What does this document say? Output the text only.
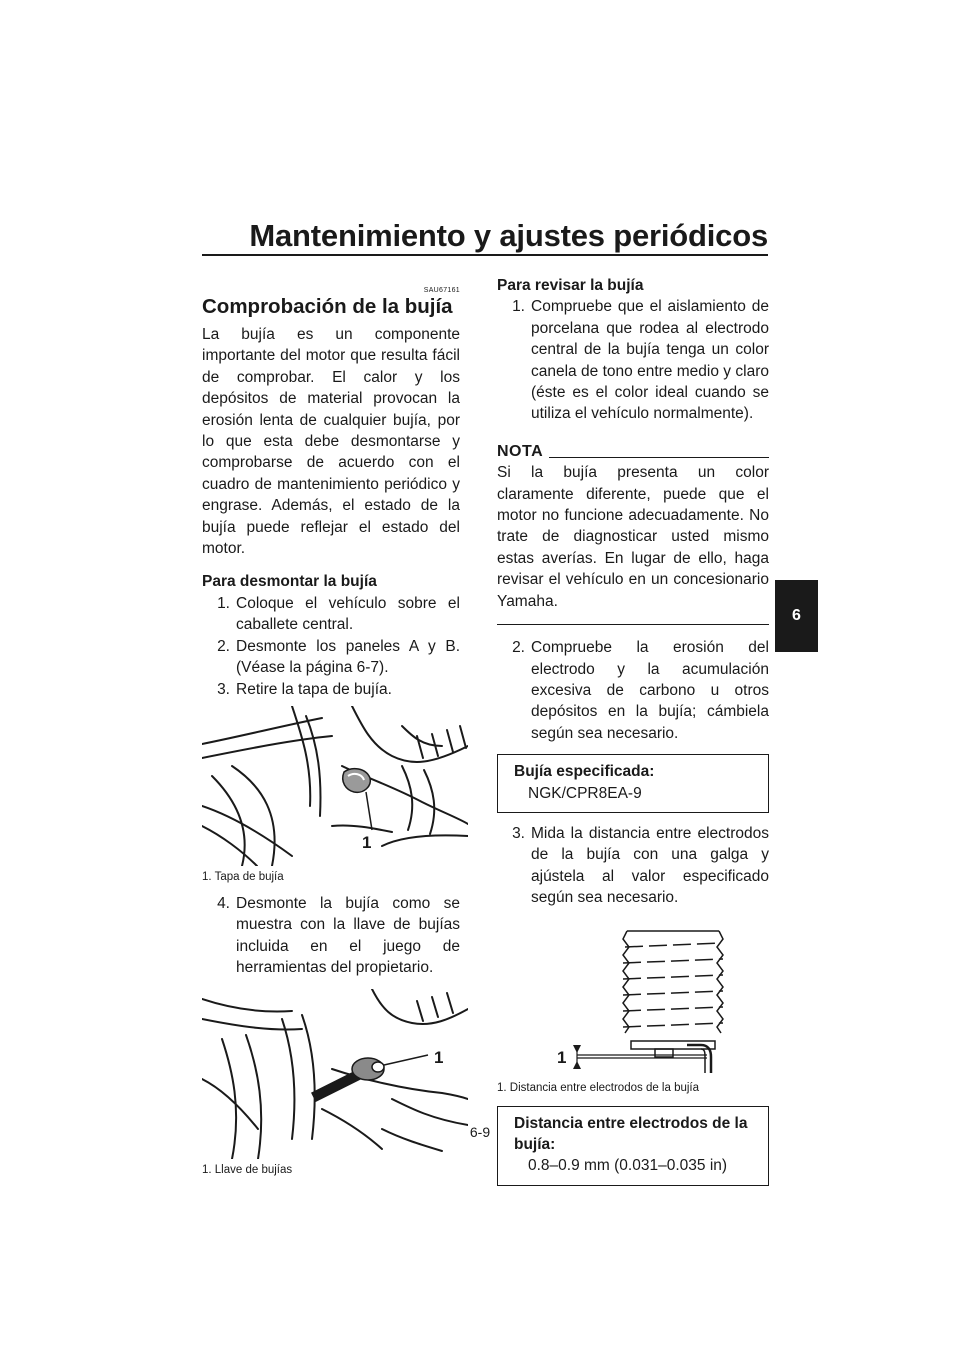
Mantenimiento y ajustes periódicos
6
SAU67161
Comprobación de la bujía

La bujía es un componente importante del motor que resulta fácil de comprobar. El calor y los depósitos de material provocan la erosión lenta de cualquier bujía, por lo que esta debe desmontarse y comprobarse de acuerdo con el cuadro de mantenimiento periódico y engrase. Además, el estado de la bujía puede reflejar el estado del motor.

Para desmontar la bujía
1. Coloque el vehículo sobre el caballete central.
2. Desmonte los paneles A y B. (Véase la página 6-7).
3. Retire la tapa de bujía.
1
1. Tapa de bujía
4. Desmonte la bujía como se muestra con la llave de bujías incluida en el juego de herramientas del propietario.
1
1. Llave de bujías
Para revisar la bujía
1. Compruebe que el aislamiento de porcelana que rodea al electrodo central de la bujía tenga un color canela de tono entre medio y claro (éste es el color ideal cuando se utiliza el vehículo normalmente).
NOTA

Si la bujía presenta un color claramente diferente, puede que el motor no funcione adecuadamente. No trate de diagnosticar usted mismo estas averías. En lugar de ello, haga revisar el vehículo en un concesionario Yamaha.

2. Compruebe la erosión del electrodo y la acumulación excesiva de carbono u otros depósitos en la bujía; cámbiela según sea necesario.
Bujía especificada:
NGK/CPR8EA-9
3. Mida la distancia entre electrodos de la bujía con una galga y ajústela al valor especificado según sea necesario.
1
1. Distancia entre electrodos de la bujía
Distancia entre electrodos de la bujía:
0.8–0.9 mm (0.031–0.035 in)
6-9
